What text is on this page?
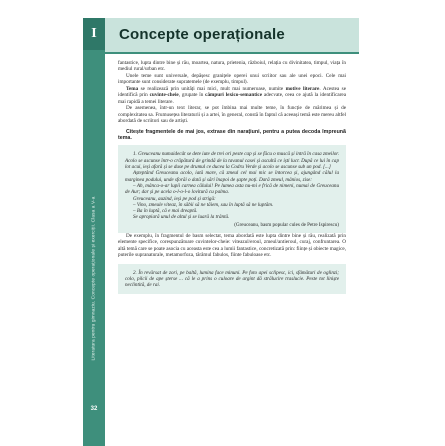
I
Literatura pentru gimnaziu. Concepte operaționale și exerciții. Clasa a V-a
32
Concepte operaționale

fantastice, lupta dintre bine și rău, moartea, natura, prietenia, războiul, relația cu divinitatea, timpul, viața în mediul rural/urban etc.

Unele teme sunt universale, depășesc granițele operei unui scriitor sau ale unei epoci. Cele mai importante sunt considerate supratemele (de exemplu, timpul).

Tema se realizează prin unități mai mici, mult mai numeroase, numite motive literare. Acestea se identifică prin cuvinte-cheie, grupate în câmpuri lexico-semantice adecvate, ceea ce ajută la identificarea mai rapidă a temei literare.

De asemenea, într-un text literar, se pot îmbina mai multe teme, în funcție de mărimea și de complexitatea sa. Frumusețea literaturii și a artei, în general, constă în faptul că aceeași temă este mereu altfel abordată de scriitori sau de artiști.

Citește fragmentele de mai jos, extrase din narațiuni, pentru a putea decoda împreună tema.

1. Greuceanu numaidecât se dete iute de trei ori peste cap și se făcu o muscă și intră în casa zmeilor. Acolo se ascunse într-o crăpătură de grindă de la tavanul casei și ascultă ce iști lucr. După ce lui în cap lot acui, ieși afară și se duse pe drumul ce ducea la Codru Verde și acolo se ascunse sub un pod. [...]

Așteptând Greuceanu acolo, iată mare, că zmeul cel mai mic se întorcea și, ajungând călul la marginea podului, unde sforăi o dată și sări înapoi de șapte poți. Dară zmeul, mânios, zise:

– Ah, mânca-o-ar lupii carnea călului! Pe lumea asta nu-mi e frică de nimeni, numai de Greuceanu de Aur; dar și pe acela o-l-o-l-o lovitură cu palma.

Greuceanu, auzind, ieși pe pod și strigă:

– Vino, zmeule viteaz, în săbii să ne tăiem, sau în luptă să ne luptăm.

– Ba în luptă, că e mai dreaptă.

Se apropiară unul de altul și se luară la trântă.

(Greuceanu, basm popular cules de Petre Ispirescu)

De exemplu, în fragmentul de basm selectat, tema abordată este lupta dintre bine și rău, realizată prin elemente specifice, corespunzătoare cuvintelor-cheie: viteazul/eroul, zmeul/antieroul, curaj, confruntarea. O altă temă care se poate asocia cu aceasta este cea a lumii fantastice, concretizată prin: ființe și obiecte magice, puterile supranaturale, metamorfoza, tărâmul fabulos, fiinte fabuloase etc.

2. În revărsat de zori, pe baltă, lumina face minuni. Pe foto apei sclipesc, ici, sfâmături de oglinzi; colo, pilcii de ape șterse ... că le a prins o culoare de argint dă strălucire traslucie. Peste tot liniște neclintită, de rai.
